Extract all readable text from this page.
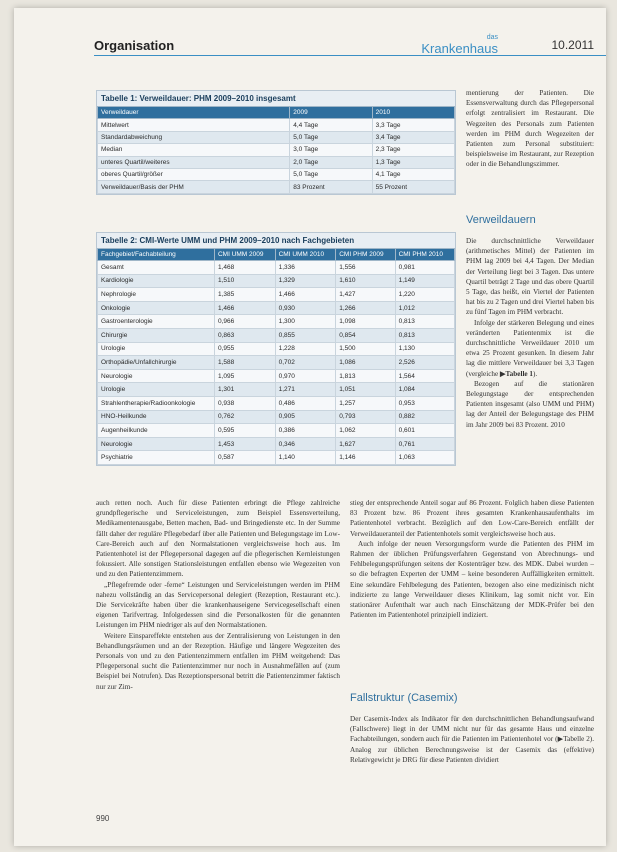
Organisation
das
Krankenhaus	10.2011
Tabelle 1: Verweildauer: PHM 2009–2010 insgesamt
Verweildauer	2009	2010
Mittelwert	4,4 Tage	3,3 Tage
Standardabweichung	5,0 Tage	3,4 Tage
Median	3,0 Tage	2,3 Tage
unteres Quartil/weiteres	2,0 Tage	1,3 Tage
oberes Quartil/größer	5,0 Tage	4,1 Tage
Verweildauer/Basis der PHM	83 Prozent	55 Prozent
Tabelle 2: CMI-Werte UMM und PHM 2009–2010 nach Fachgebieten
Fachgebiet/Fachabteilung	CMI UMM 2009	CMI UMM 2010	CMI PHM 2009	CMI PHM 2010
Gesamt	1,468	1,336	1,556	0,981
Kardiologie	1,510	1,329	1,610	1,149
Nephrologie	1,385	1,466	1,427	1,220
Onkologie	1,466	0,930	1,266	1,012
Gastroenterologie	0,966	1,300	1,098	0,813
Chirurgie	0,863	0,855	0,854	0,813
Urologie	0,955	1,228	1,500	1,130
Orthopädie/Unfallchirurgie	1,588	0,702	1,086	2,526
Neurologie	1,095	0,970	1,813	1,564
Urologie	1,301	1,271	1,051	1,084
Strahlentherapie/Radioonkologie	0,938	0,486	1,257	0,953
HNO-Heilkunde	0,762	0,905	0,793	0,882
Augenheilkunde	0,595	0,386	1,062	0,601
Neurologie	1,453	0,346	1,627	0,761
Psychiatrie	0,587	1,140	1,146	1,063

mentierung der Patienten. Die Essensverwaltung durch das Pflegepersonal erfolgt zentralisiert im Restaurant. Die Wegzeiten des Personals zum Patienten werden im PHM durch Wegezeiten der Patienten zum Personal substituiert: beispielsweise im Restaurant, zur Rezeption oder in die Behandlungszimmer.

Verweildauern

Die durchschnittliche Verweildauer (arithmetisches Mittel) der Patienten im PHM lag 2009 bei 4,4 Tagen. Der Median der Verteilung liegt bei 3 Tagen. Das untere Quartil beträgt 2 Tage und das obere Quartil 5 Tage, das heißt, ein Viertel der Patienten hat bis zu 2 Tagen und drei Viertel haben bis zu fünf Tagen im PHM verbracht.

Infolge der stärkeren Belegung und eines veränderten Patientenmix ist die durchschnittliche Verweildauer 2010 um etwa 25 Prozent gesunken. In diesem Jahr lag die mittlere Verweildauer bei 3,3 Tagen (vergleiche ▶Tabelle 1).

Bezogen auf die stationären Belegungstage der entsprechenden Patienten insgesamt (also UMM und PHM) lag der Anteil der Belegungstage des PHM im Jahr 2009 bei 83 Prozent. 2010

auch retten noch. Auch für diese Patienten erbringt die Pflege zahlreiche grundpflegerische und Serviceleistungen, zum Beispiel Essensverteilung, Medikamentenausgabe, Betten machen, Bad- und Bringedienste etc. In der Summe fällt daher der reguläre Pflegebedarf über alle Patienten und Belegungstage im Low-Care-Bereich auch auf den Normalstationen vergleichsweise hoch aus. Im Patientenhotel ist der Pflegepersonal dagegen auf die pflegerischen Kernleistungen fokussiert. Alle sonstigen Stationsleistungen entfallen ebenso wie Wegezeiten von und zu den Patientenzimmern.

„Pflegefremde oder -ferne“ Leistungen und Serviceleistungen werden im PHM nahezu vollständig an das Servicepersonal delegiert (Rezeption, Restaurant etc.). Die Servicekräfte haben über die krankenhauseigene Servicegesellschaft einen eigenen Tarifvertrag. Infolgedessen sind die Personalkosten für die genannten Leistungen im PHM niedriger als auf den Normalstationen.

Weitere Einspareffekte entstehen aus der Zentralisierung von Leistungen in den Behandlungsräumen und an der Rezeption. Häufige und längere Wegezeiten des Personals von und zu den Patientenzimmern entfallen im PHM weitgehend: Das Pflegepersonal sucht die Patientenzimmer nur noch in Ausnahmefällen auf (zum Beispiel bei Notrufen). Das Rezeptionspersonal betritt die Patientenzimmer faktisch nur zur Zim-

stieg der entsprechende Anteil sogar auf 86 Prozent. Folglich haben diese Patienten 83 Prozent bzw. 86 Prozent ihres gesamten Krankenhausaufenthalts im Patientenhotel verbracht. Bezüglich auf den Low-Care-Bereich entfällt der Verweildaueranteil der Patientenhotels somit vergleichsweise hoch aus.

Auch infolge der neuen Versorgungsform wurde die Patienten des PHM im Rahmen der üblichen Prüfungsverfahren Gegenstand von Abrechnungs- und Fehlbelegungsprüfungen seitens der Kostenträger bzw. des MDK. Dabei wurden – so die befragten Experten der UMM – keine besonderen Auffälligkeiten ermittelt. Eine sekundäre Fehlbelegung des Patienten, bezogen also eine medizinisch nicht indizierte zu lange Verweildauer dieses Klinikum, lag somit nicht vor. Ein stationärer Aufenthalt war auch nach Einschätzung der MDK-Prüfer bei den Patienten im Patientenhotel prinzipiell indiziert.

Fallstruktur (Casemix)

Der Casemix-Index als Indikator für den durchschnittlichen Behandlungsaufwand (Fallschwere) liegt in der UMM nicht nur für das gesamte Haus und einzelne Fachabteilungen, sondern auch für die Patienten im Patientenhotel vor (▶Tabelle 2). Analog zur üblichen Berechnungsweise ist der Casemix das (effektive) Relativgewicht je DRG für diese Patienten dividiert

990
